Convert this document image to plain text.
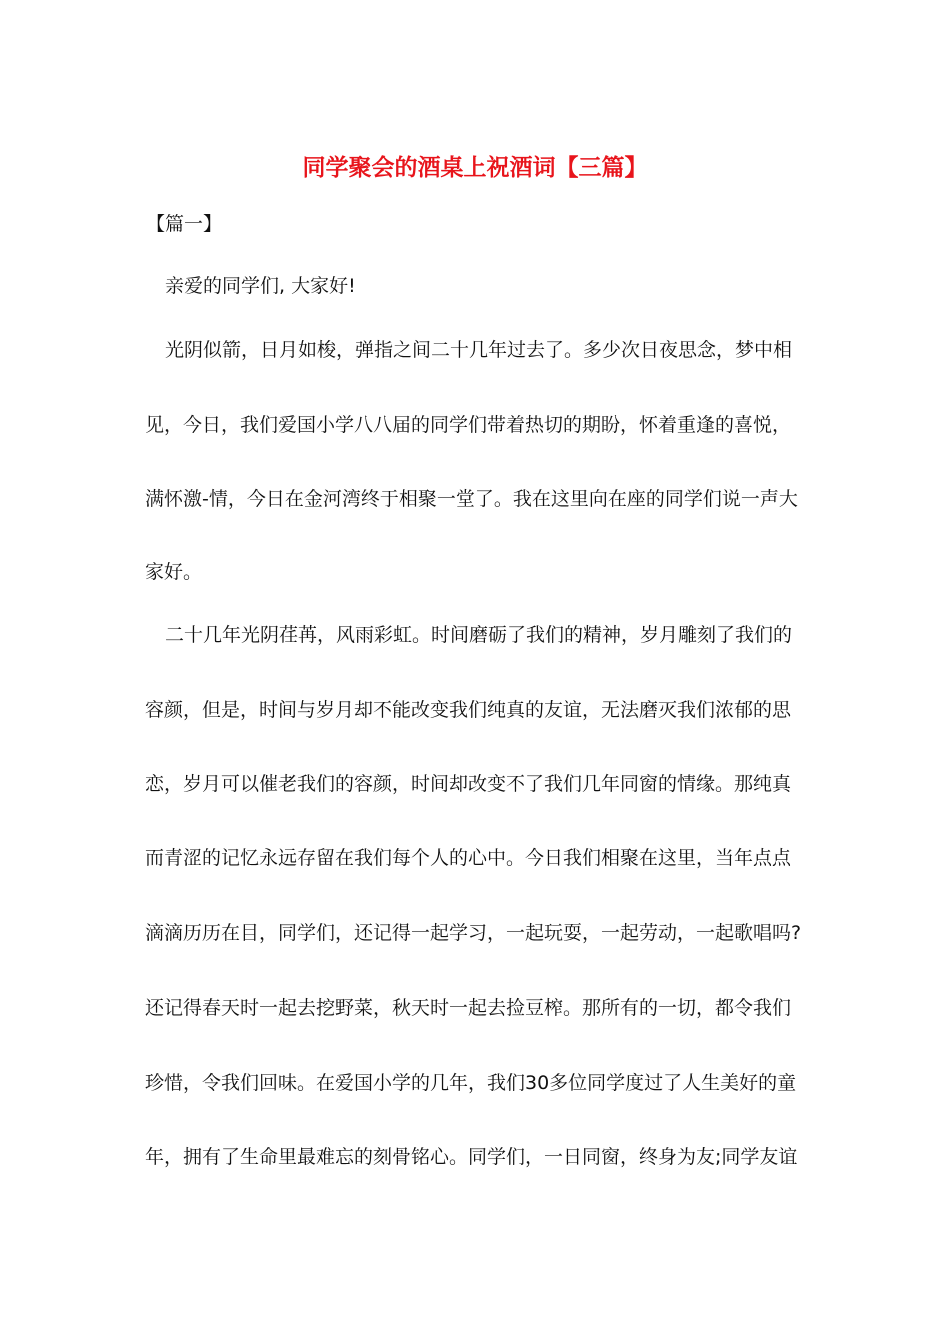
同学聚会的酒桌上祝酒词【三篇】
【篇一】
亲爱的同学们, 大家好!
光阴似箭，日月如梭，弹指之间二十几年过去了。多少次日夜思念，梦中相
见，今日，我们爱国小学八八届的同学们带着热切的期盼，怀着重逢的喜悦，
满怀激-情，今日在金河湾终于相聚一堂了。我在这里向在座的同学们说一声大
家好。
二十几年光阴荏苒，风雨彩虹。时间磨砺了我们的精神，岁月雕刻了我们的
容颜，但是，时间与岁月却不能改变我们纯真的友谊，无法磨灭我们浓郁的思
恋，岁月可以催老我们的容颜，时间却改变不了我们几年同窗的情缘。那纯真
而青涩的记忆永远存留在我们每个人的心中。今日我们相聚在这里，当年点点
滴滴历历在目，同学们，还记得一起学习，一起玩耍，一起劳动，一起歌唱吗?
还记得春天时一起去挖野菜，秋天时一起去捡豆榨。那所有的一切，都令我们
珍惜，令我们回味。在爱国小学的几年，我们30多位同学度过了人生美好的童
年，拥有了生命里最难忘的刻骨铭心。同学们，一日同窗，终身为友;同学友谊
